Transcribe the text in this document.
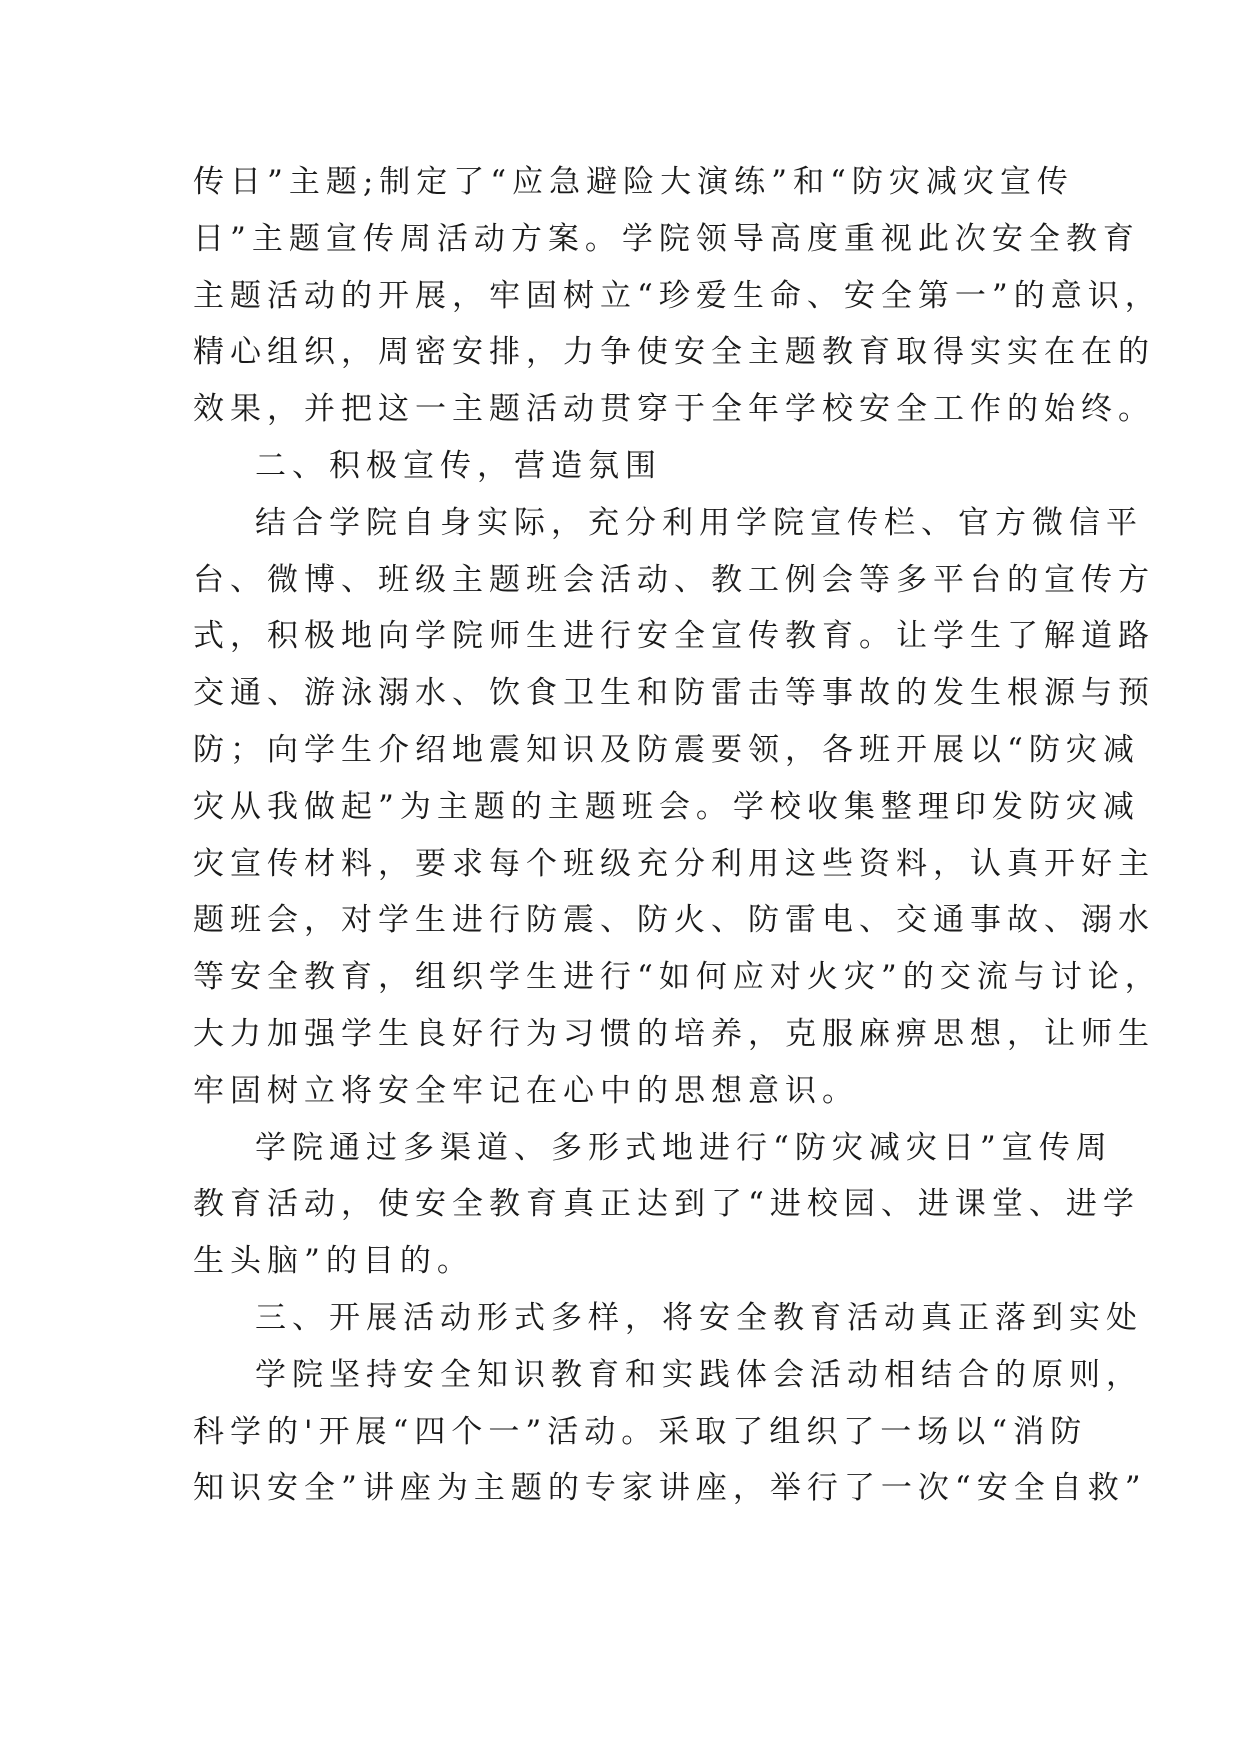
传日”主题;制定了“应急避险大演练”和“防灾减灾宣传
日”主题宣传周活动方案。学院领导高度重视此次安全教育
主题活动的开展，牢固树立“珍爱生命、安全第一”的意识，
精心组织，周密安排，力争使安全主题教育取得实实在在的
效果，并把这一主题活动贯穿于全年学校安全工作的始终。
二、积极宣传，营造氛围
结合学院自身实际，充分利用学院宣传栏、官方微信平
台、微博、班级主题班会活动、教工例会等多平台的宣传方
式，积极地向学院师生进行安全宣传教育。让学生了解道路
交通、游泳溺水、饮食卫生和防雷击等事故的发生根源与预
防；向学生介绍地震知识及防震要领，各班开展以“防灾减
灾从我做起”为主题的主题班会。学校收集整理印发防灾减
灾宣传材料，要求每个班级充分利用这些资料，认真开好主
题班会，对学生进行防震、防火、防雷电、交通事故、溺水
等安全教育，组织学生进行“如何应对火灾”的交流与讨论，
大力加强学生良好行为习惯的培养，克服麻痹思想，让师生
牢固树立将安全牢记在心中的思想意识。
学院通过多渠道、多形式地进行“防灾减灾日”宣传周
教育活动，使安全教育真正达到了“进校园、进课堂、进学
生头脑”的目的。
三、开展活动形式多样，将安全教育活动真正落到实处
学院坚持安全知识教育和实践体会活动相结合的原则，
科学的'开展“四个一”活动。采取了组织了一场以“消防
知识安全”讲座为主题的专家讲座，举行了一次“安全自救”
